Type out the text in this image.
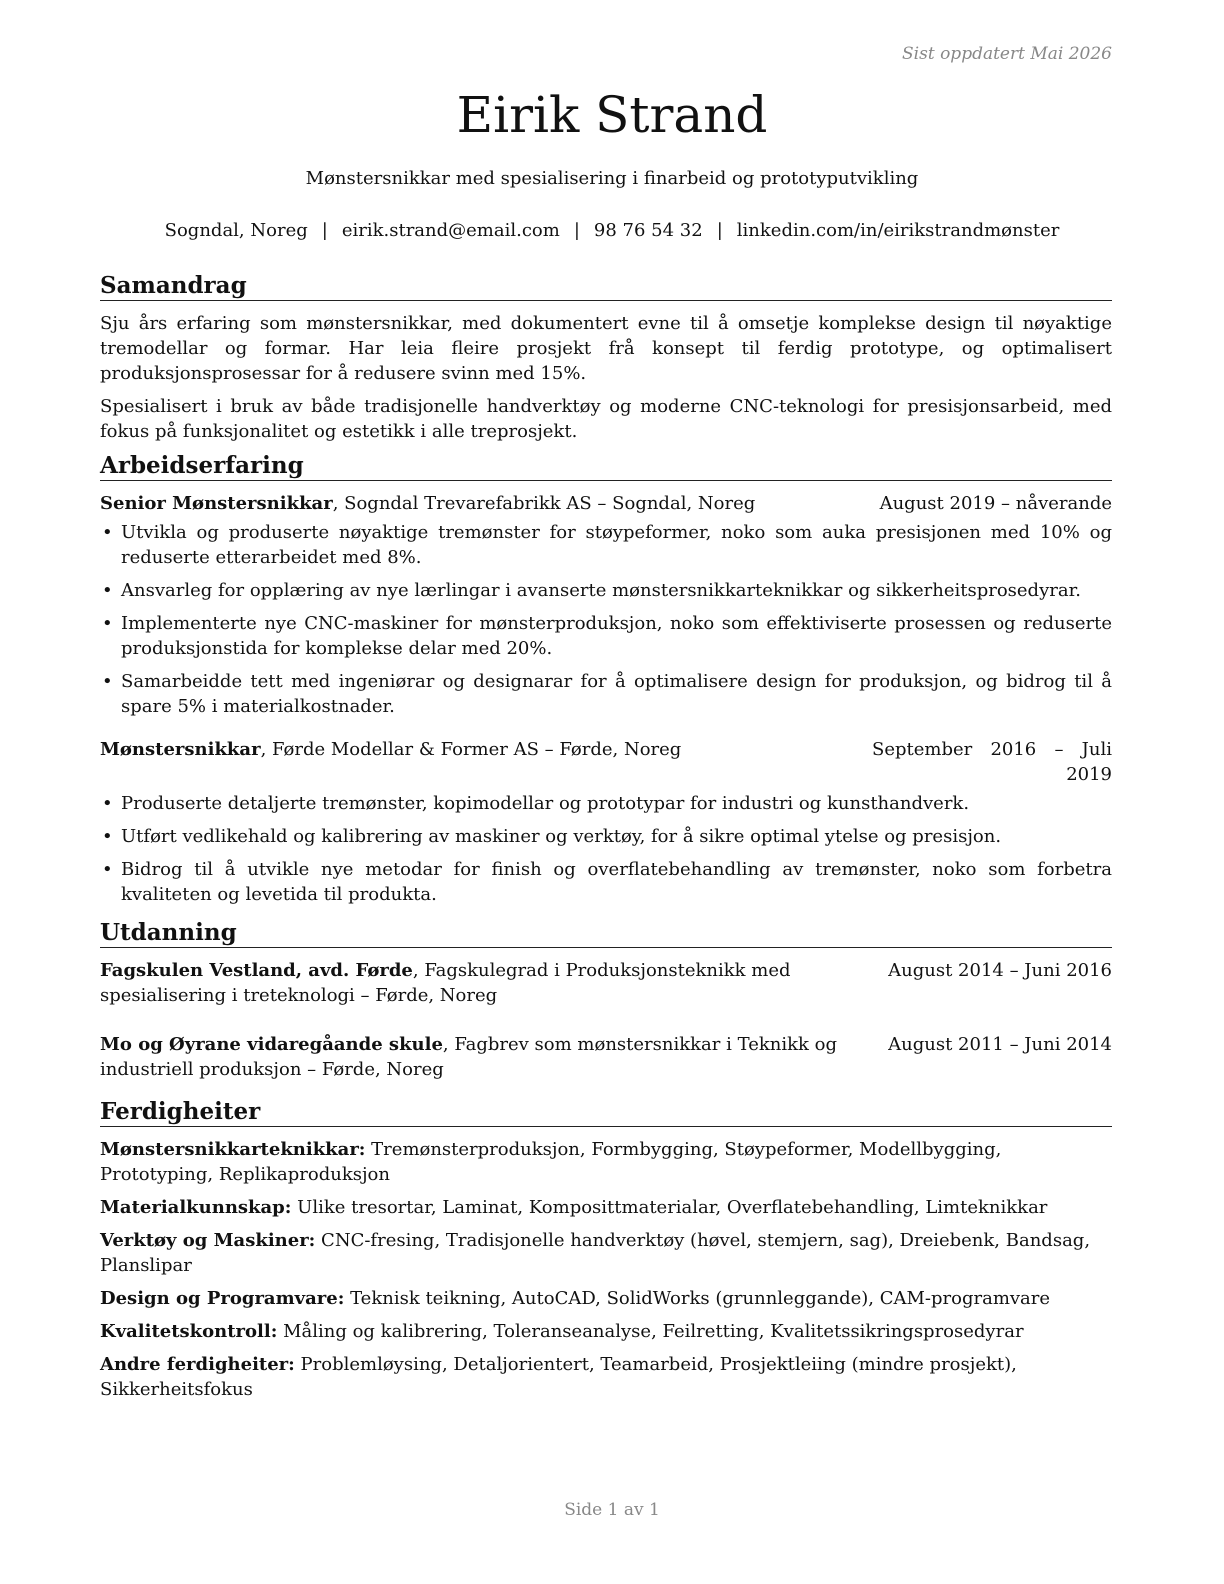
Sist oppdatert Mai 2026
Eirik Strand
Mønstersnikkar med spesialisering i finarbeid og prototyputvikling
Sogndal, Noreg | eirik.strand@email.com | 98 76 54 32 | linkedin.com/in/eirikstrandmønster
Samandrag

Sju års erfaring som mønstersnikkar, med dokumentert evne til å omsetje komplekse design til nøyaktige tremodellar og formar. Har leia fleire prosjekt frå konsept til ferdig prototype, og optimalisert produksjonsprosessar for å redusere svinn med 15%.

Spesialisert i bruk av både tradisjonelle handverktøy og moderne CNC-teknologi for presisjonsarbeid, med fokus på funksjonalitet og estetikk i alle treprosjekt.

Arbeidserfaring
Senior Mønstersnikkar, Sogndal Trevarefabrikk AS – Sogndal, Noreg	August 2019 – nåverande
• Utvikla og produserte nøyaktige tremønster for støypeformer, noko som auka presisjonen med 10% og reduserte etterarbeidet med 8%.
• Ansvarleg for opplæring av nye lærlingar i avanserte mønstersnikkarteknikkar og sikkerheitsprosedyrar.
• Implementerte nye CNC-maskiner for mønsterproduksjon, noko som effektiviserte prosessen og reduserte produksjonstida for komplekse delar med 20%.
• Samarbeidde tett med ingeniørar og designarar for å optimalisere design for produksjon, og bidrog til å spare 5% i materialkostnader.
Mønstersnikkar, Førde Modellar & Former AS – Førde, Noreg	September 2016 – Juli 2019
• Produserte detaljerte tremønster, kopimodellar og prototypar for industri og kunsthandverk.
• Utført vedlikehald og kalibrering av maskiner og verktøy, for å sikre optimal ytelse og presisjon.
• Bidrog til å utvikle nye metodar for finish og overflatebehandling av tremønster, noko som forbetra kvaliteten og levetida til produkta.
Utdanning
Fagskulen Vestland, avd. Førde, Fagskulegrad i Produksjonsteknikk med spesialisering i treteknologi – Førde, Noreg
August 2014 – Juni 2016
Mo og Øyrane vidaregåande skule, Fagbrev som mønstersnikkar i Teknikk og industriell produksjon – Førde, Noreg
August 2011 – Juni 2014
Ferdigheiter
Mønstersnikkarteknikkar: Tremønsterproduksjon, Formbygging, Støypeformer, Modellbygging, Prototyping, Replikaproduksjon
Materialkunnskap: Ulike tresortar, Laminat, Komposittmaterialar, Overflatebehandling, Limteknikkar
Verktøy og Maskiner: CNC-fresing, Tradisjonelle handverktøy (høvel, stemjern, sag), Dreiebenk, Bandsag, Planslipar
Design og Programvare: Teknisk teikning, AutoCAD, SolidWorks (grunnleggande), CAM-programvare
Kvalitetskontroll: Måling og kalibrering, Toleranseanalyse, Feilretting, Kvalitetssikringsprosedyrar
Andre ferdigheiter: Problemløysing, Detaljorientert, Teamarbeid, Prosjektleiing (mindre prosjekt), Sikkerheitsfokus
Side 1 av 1
